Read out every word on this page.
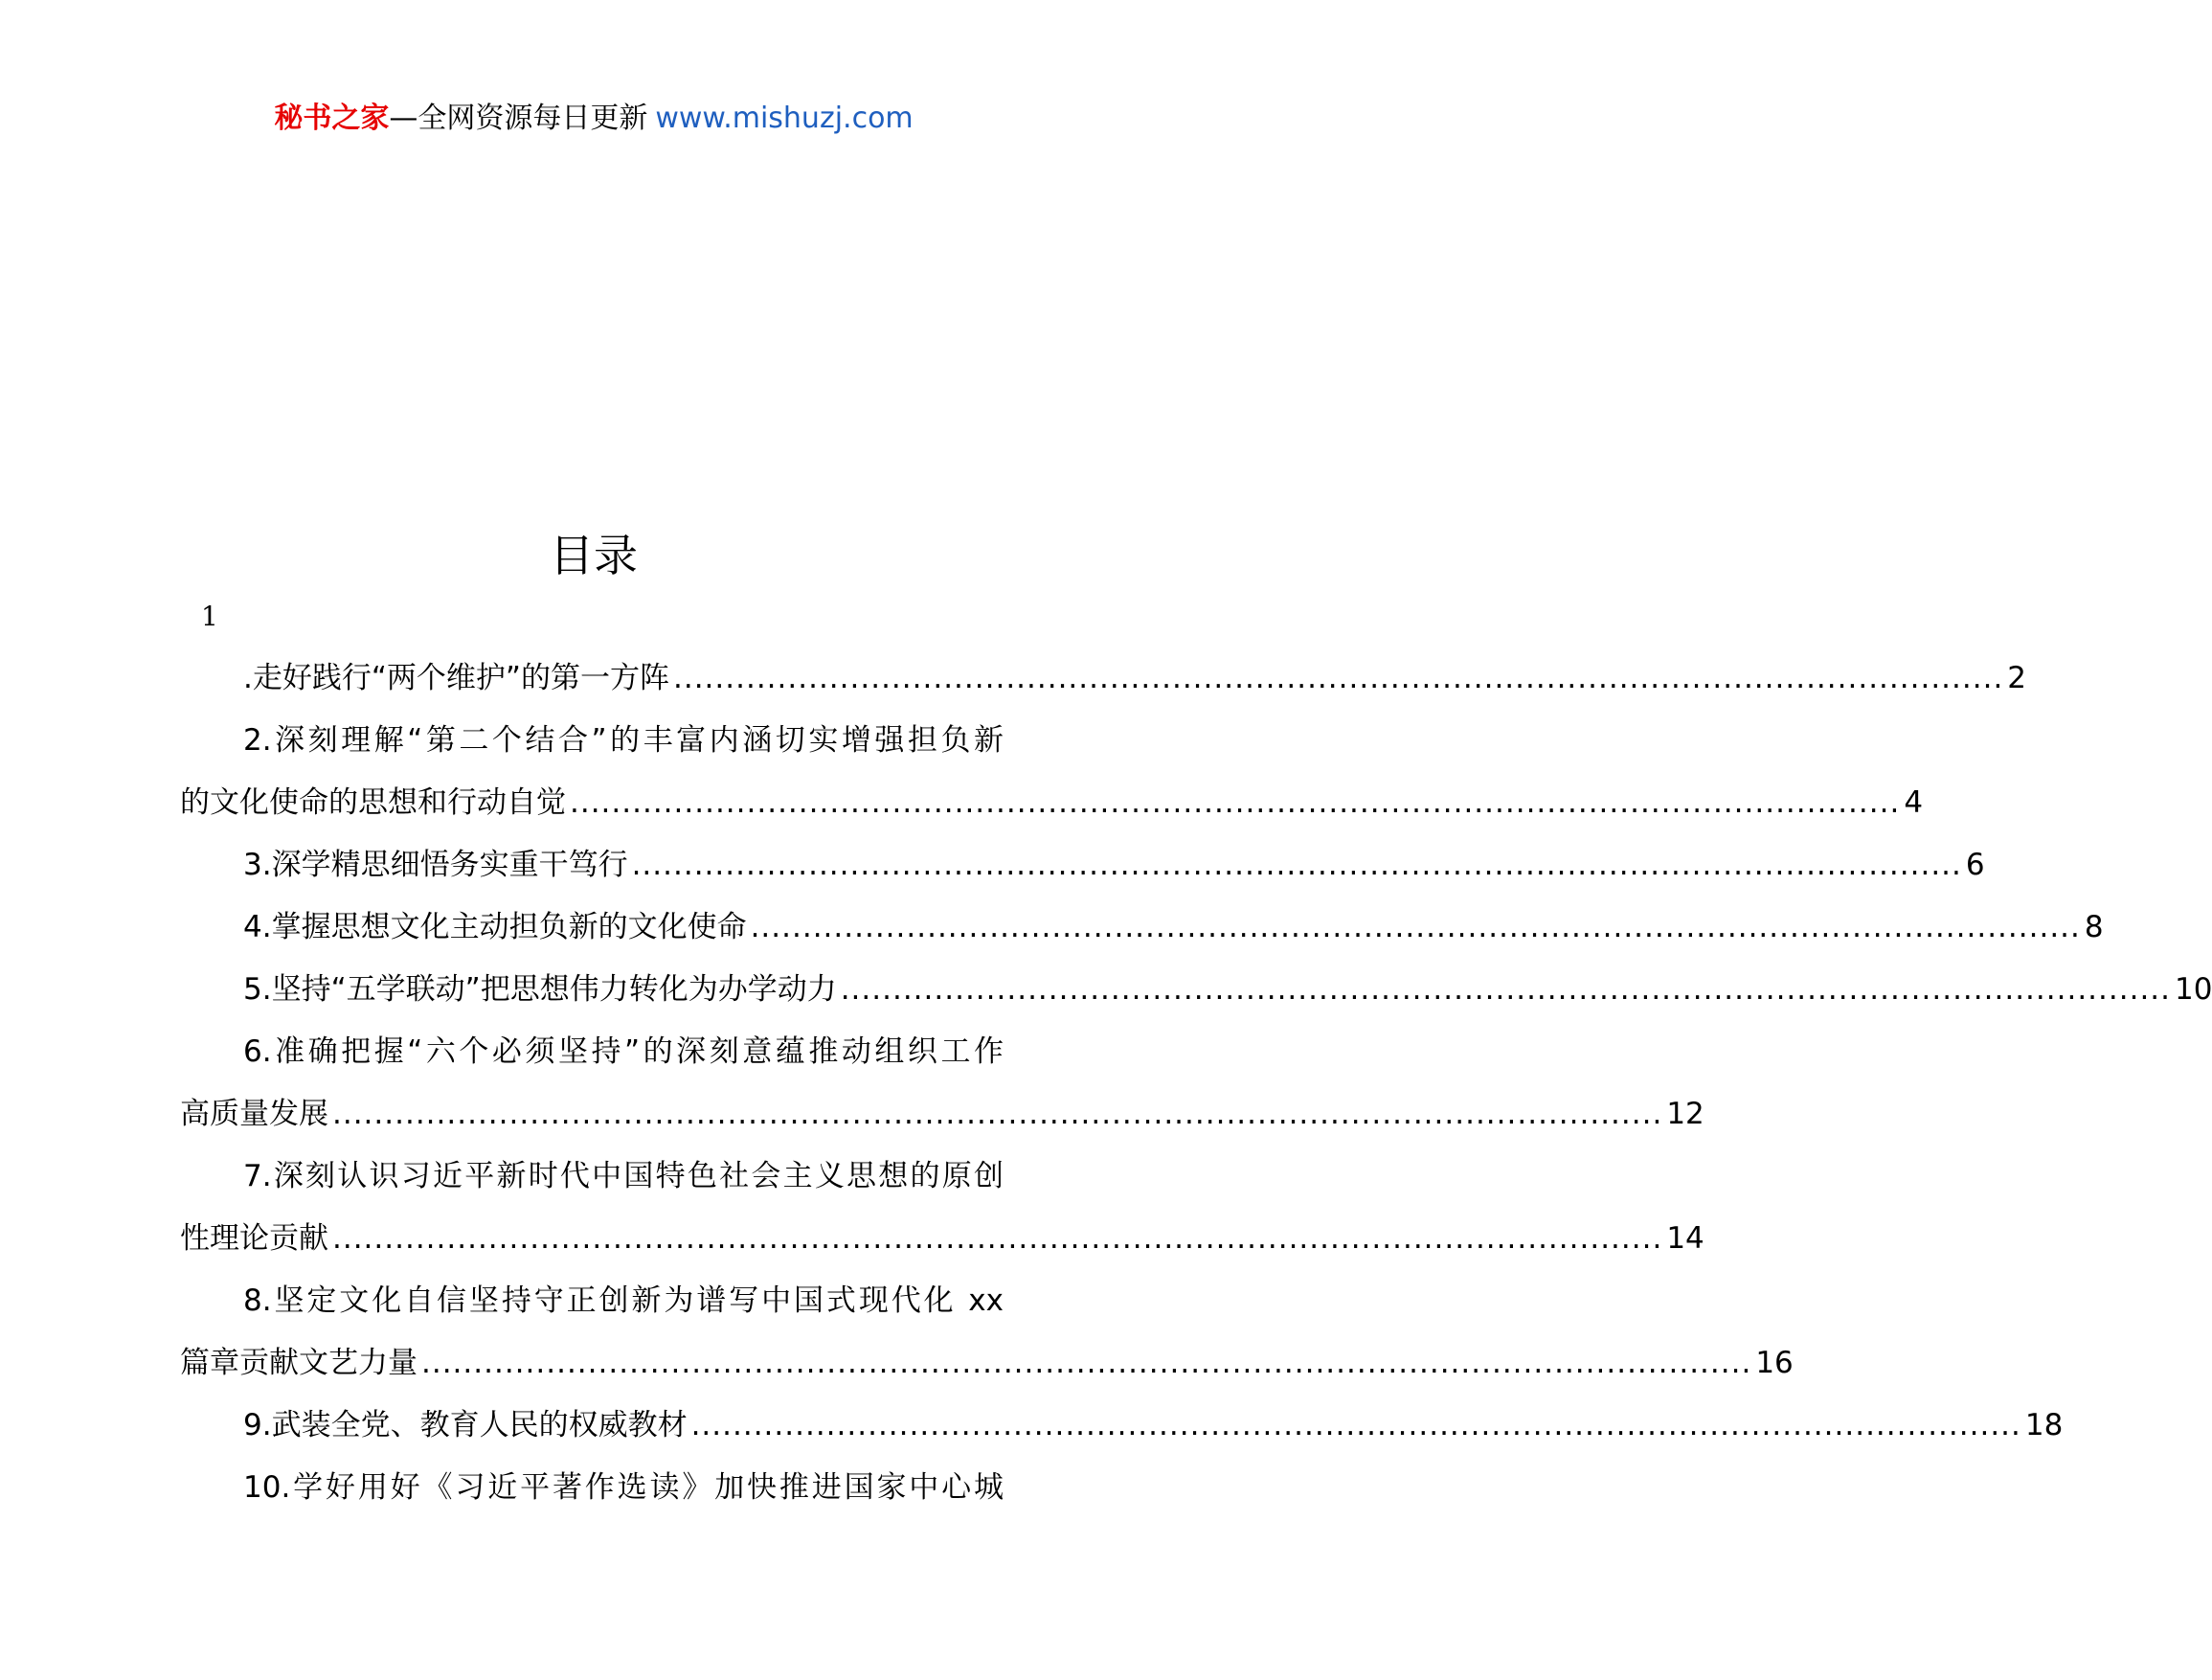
秘书之家—全网资源每日更新 www.mishuzj.com
目录
1
.走好践行“两个维护”的第一方阵 ................................................................................................................................ 2
2.深刻理解“第二个结合”的丰富内涵切实增强担负新
的文化使命的思想和行动自觉 ................................................................................................................................ 4
3.深学精思细悟务实重干笃行 ................................................................................................................................ 6
4.掌握思想文化主动担负新的文化使命 ................................................................................................................................ 8
5.坚持“五学联动”把思想伟力转化为办学动力 ................................................................................................................................ 10
6.准确把握“六个必须坚持”的深刻意蕴推动组织工作
高质量发展 ................................................................................................................................ 12
7.深刻认识习近平新时代中国特色社会主义思想的原创
性理论贡献 ................................................................................................................................ 14
8.坚定文化自信坚持守正创新为谱写中国式现代化 xx
篇章贡献文艺力量 ................................................................................................................................ 16
9.武装全党、教育人民的权威教材 ................................................................................................................................ 18
10.学好用好《习近平著作选读》加快推进国家中心城
